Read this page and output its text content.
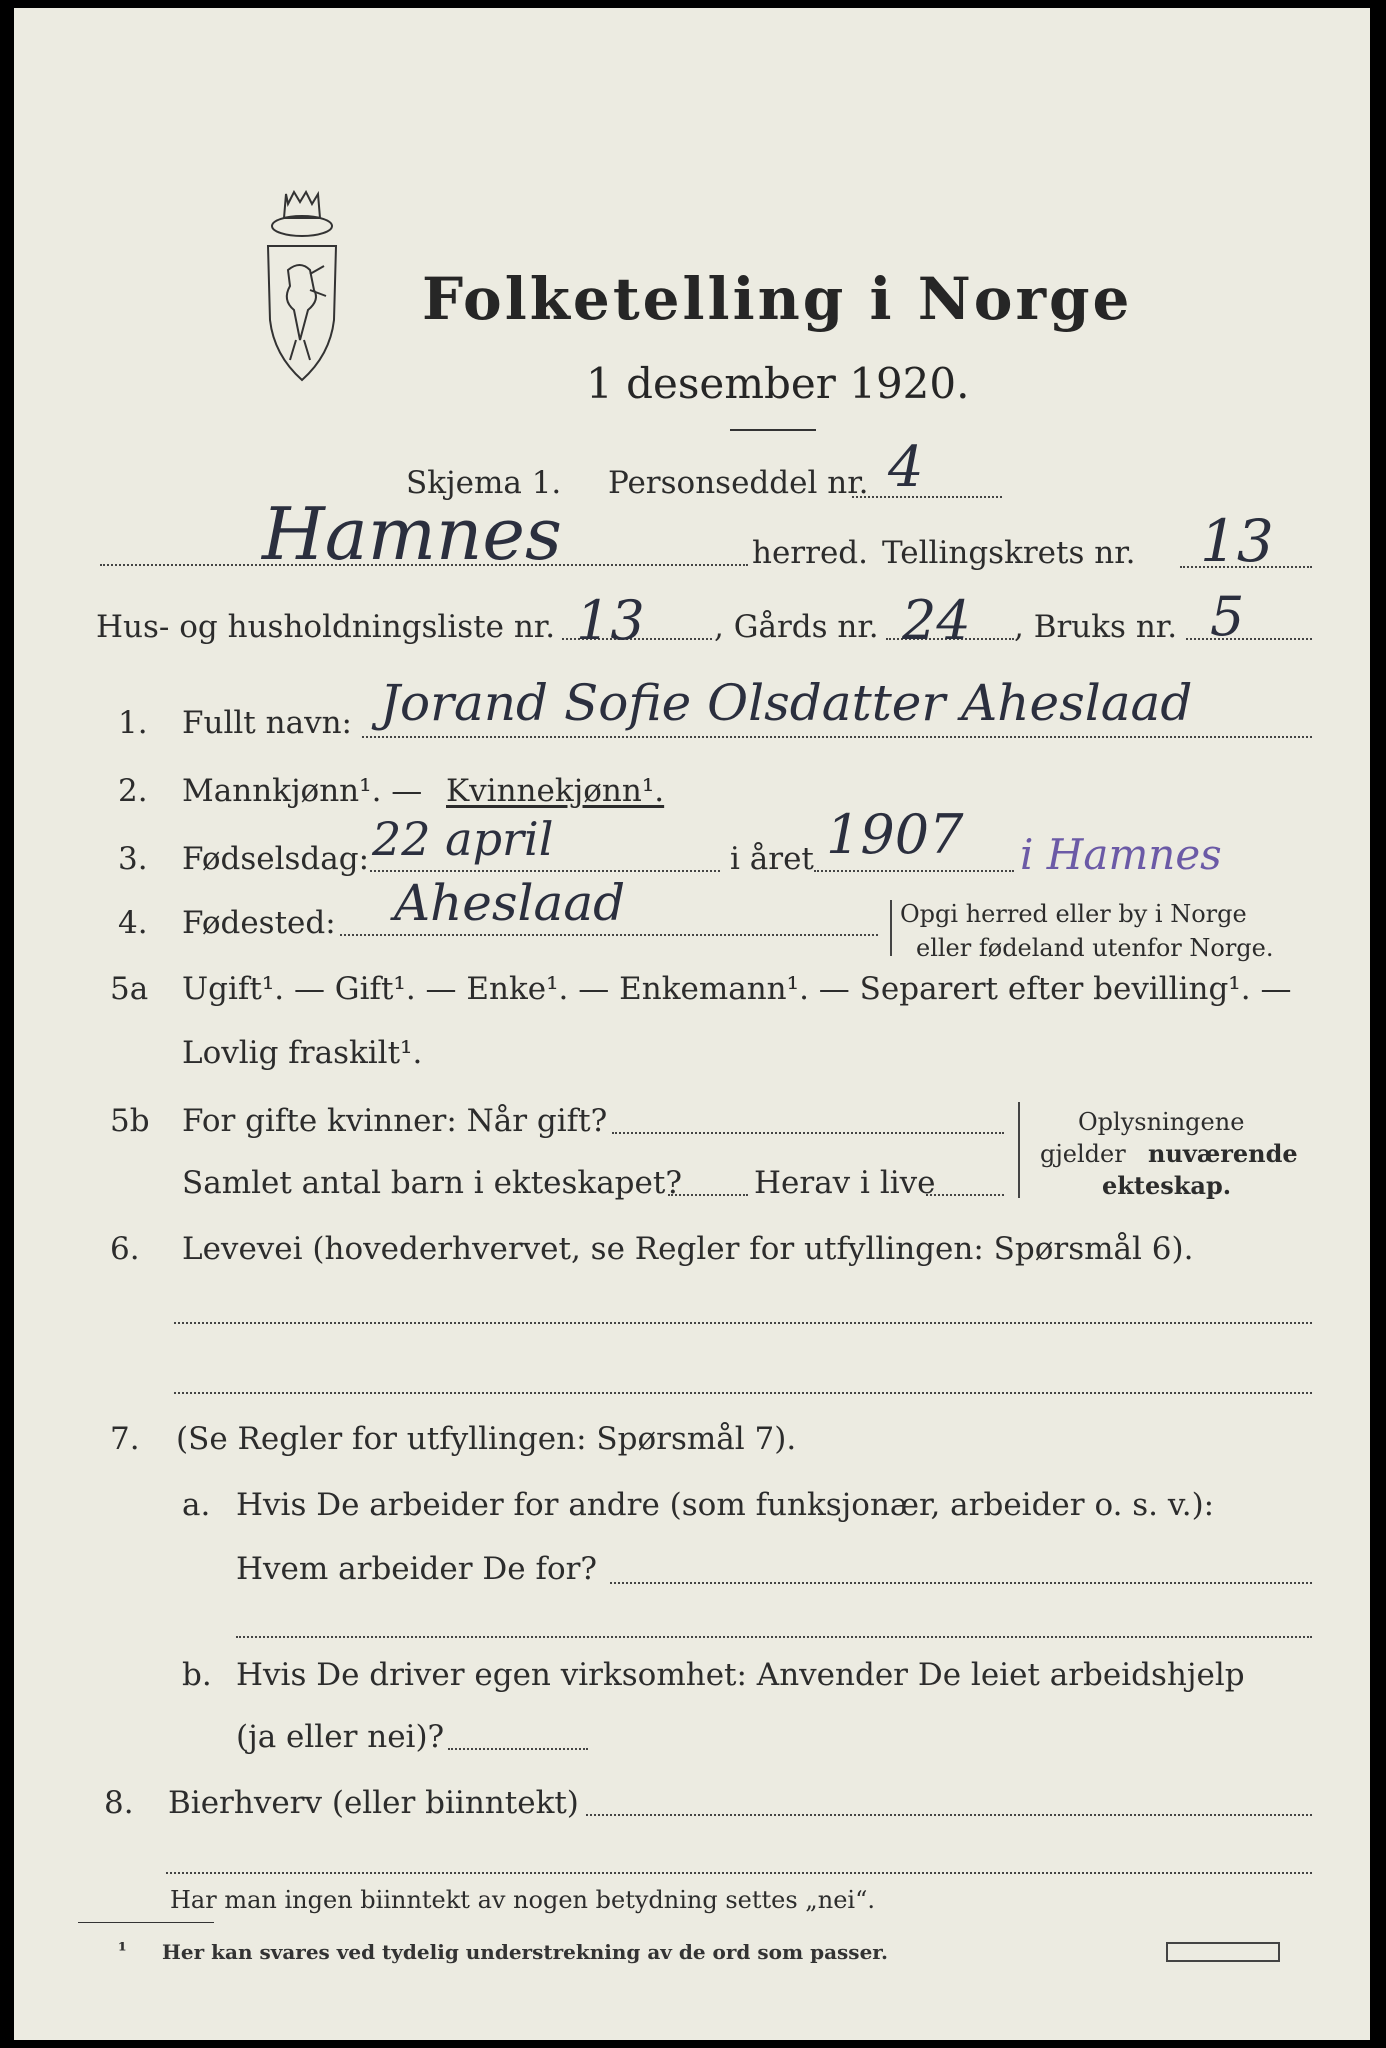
Folketelling i Norge
1 desember 1920.
Skjema 1. Personseddel nr. 4
Hamnes	herred. Tellingskrets nr. 13
Hus- og husholdningsliste nr. 13 , Gårds nr. 24 , Bruks nr. 5
1. Fullt navn: Jorand Sofie Olsdatter Aheslaad
2. Mannkjønn¹. — Kvinnekjønn¹.
3. Fødselsdag: 22 april	i året 1907 i Hamnes
4. Fødested: Aheslaad	Opgi herred eller by i Norge
eller fødeland utenfor Norge.
5a Ugift¹. — Gift¹. — Enke¹. — Enkemann¹. — Separert efter bevilling¹. —
Lovlig fraskilt¹.
5b For gifte kvinner: Når gift?
Samlet antal barn i ekteskapet? Herav i live
Oplysningene
gjelder nuværende
ekteskap.
6. Levevei (hovederhvervet, se Regler for utfyllingen: Spørsmål 6).
7. (Se Regler for utfyllingen: Spørsmål 7).
a. Hvis De arbeider for andre (som funksjonær, arbeider o. s. v.):
Hvem arbeider De for?
b. Hvis De driver egen virksomhet: Anvender De leiet arbeidshjelp
(ja eller nei)?
8. Bierhverv (eller biinntekt)
Har man ingen biinntekt av nogen betydning settes „nei“.
¹ Her kan svares ved tydelig understrekning av de ord som passer.
